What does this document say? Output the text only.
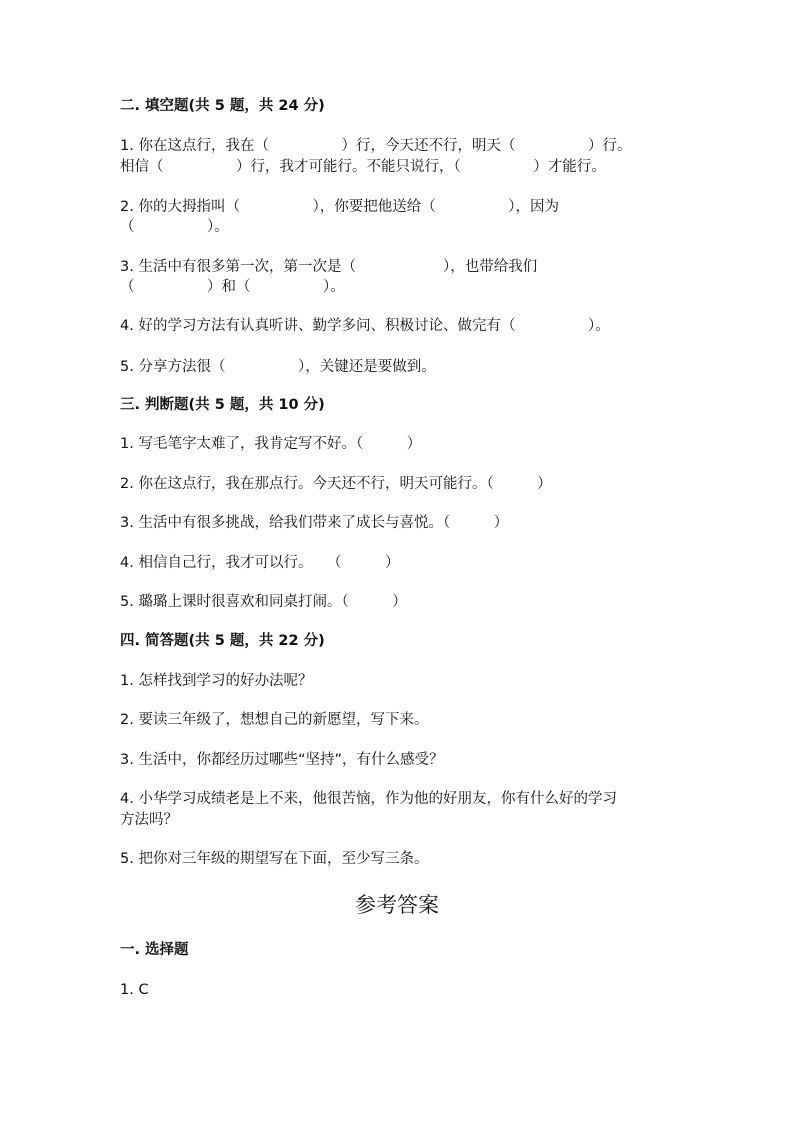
二. 填空题(共 5 题，共 24 分)

1. 你在这点行，我在（　　　　　）行，今天还不行，明天（　　　　　）行。

相信（　　　　　）行，我才可能行。不能只说行，（　　　　　）才能行。

2. 你的大拇指叫（　　　　　），你要把他送给（　　　　　），因为

（　　　　　）。

3. 生活中有很多第一次，第一次是（　　　　　　），也带给我们

（　　　　　）和（　　　　　）。

4. 好的学习方法有认真听讲、勤学多问、积极讨论、做完有（　　　　　）。

5. 分享方法很（　　　　　），关键还是要做到。

三. 判断题(共 5 题，共 10 分)

1. 写毛笔字太难了，我肯定写不好。（　　　）

2. 你在这点行，我在那点行。今天还不行，明天可能行。（　　　）

3. 生活中有很多挑战，给我们带来了成长与喜悦。（　　　）

4. 相信自己行，我才可以行。　　（　　　）

5. 璐璐上课时很喜欢和同桌打闹。（　　　）

四. 简答题(共 5 题，共 22 分)

1. 怎样找到学习的好办法呢？

2. 要读三年级了，想想自己的新愿望，写下来。

3. 生活中，你都经历过哪些“坚持”，有什么感受？

4. 小华学习成绩老是上不来，他很苦恼，作为他的好朋友，你有什么好的学习

方法吗？

5. 把你对三年级的期望写在下面，至少写三条。

参考答案

一. 选择题

1. C
